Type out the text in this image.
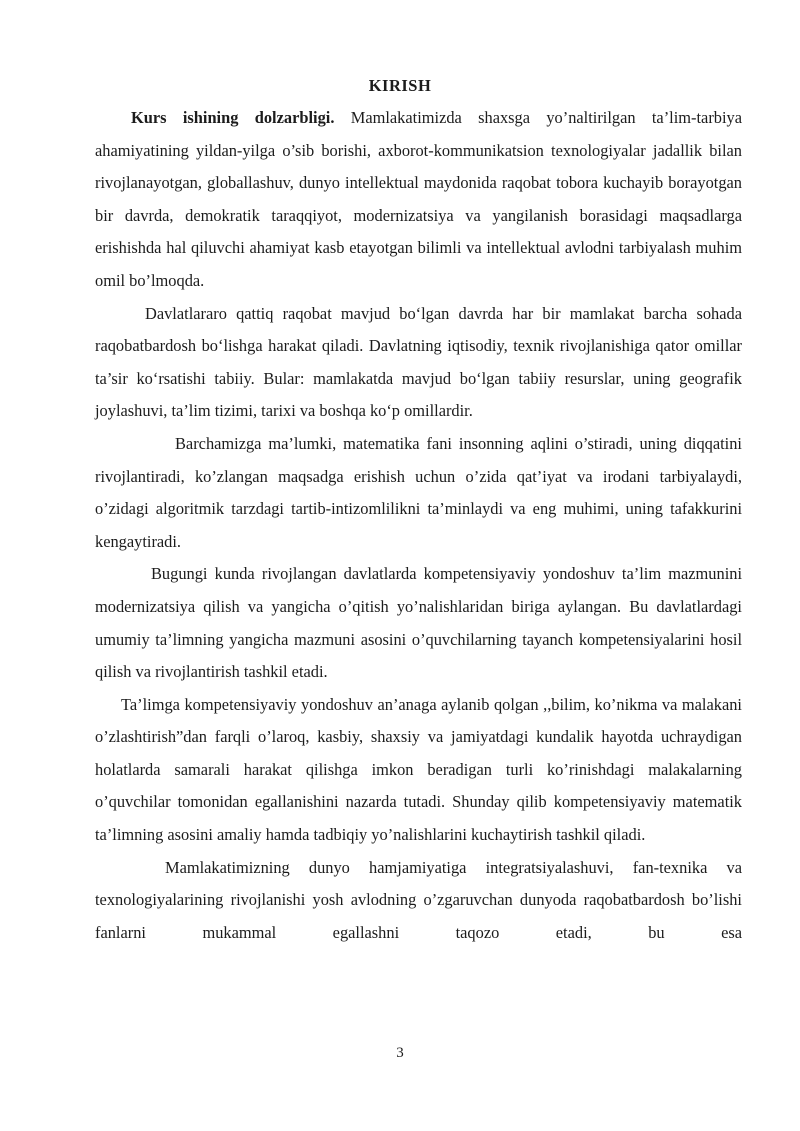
KIRISH

Kurs ishining dolzarbligi. Mamlakatimizda shaxsga yo’naltirilgan ta’lim-tarbiya ahamiyatining yildan-yilga o’sib borishi, axborot-kommunikatsion texnologiyalar jadallik bilan rivojlanayotgan, globallashuv, dunyo intellektual maydonida raqobat tobora kuchayib borayotgan bir davrda, demokratik taraqqiyot, modernizatsiya va yangilanish borasidagi maqsadlarga erishishda hal qiluvchi ahamiyat kasb etayotgan bilimli va intellektual avlodni tarbiyalash muhim omil bo’lmoqda.

Davlatlararo qattiq raqobat mavjud bo‘lgan davrda har bir mamlakat barcha sohada raqobatbardosh bo‘lishga harakat qiladi. Davlatning iqtisodiy, texnik rivojlanishiga qator omillar ta’sir ko‘rsatishi tabiiy. Bular: mamlakatda mavjud bo‘lgan tabiiy resurslar, uning geografik joylashuvi, ta’lim tizimi, tarixi va boshqa ko‘p omillardir.

Barchamizga ma’lumki, matematika fani insonning aqlini o’stiradi, uning diqqatini rivojlantiradi, ko’zlangan maqsadga erishish uchun o’zida qat’iyat va irodani tarbiyalaydi, o’zidagi algoritmik tarzdagi tartib-intizomlilikni ta’minlaydi va eng muhimi, uning tafakkurini kengaytiradi.

Bugungi kunda rivojlangan davlatlarda kompetensiyaviy yondoshuv ta’lim mazmunini modernizatsiya qilish va yangicha o’qitish yo’nalishlaridan biriga aylangan. Bu davlatlardagi umumiy ta’limning yangicha mazmuni asosini o’quvchilarning tayanch kompetensiyalarini hosil qilish va rivojlantirish tashkil etadi.

Ta’limga kompetensiyaviy yondoshuv an’anaga aylanib qolgan ,,bilim, ko’nikma va malakani o’zlashtirish”dan farqli o’laroq, kasbiy, shaxsiy va jamiyatdagi kundalik hayotda uchraydigan holatlarda samarali harakat qilishga imkon beradigan turli ko’rinishdagi malakalarning o’quvchilar tomonidan egallanishini nazarda tutadi. Shunday qilib kompetensiyaviy matematik ta’limning asosini amaliy hamda tadbiqiy yo’nalishlarini kuchaytirish tashkil qiladi.

Mamlakatimizning dunyo hamjamiyatiga integratsiyalashuvi, fan-texnika va texnologiyalarining rivojlanishi yosh avlodning o’zgaruvchan dunyoda raqobatbardosh bo’lishi fanlarni mukammal egallashni taqozo etadi, bu esa

3
